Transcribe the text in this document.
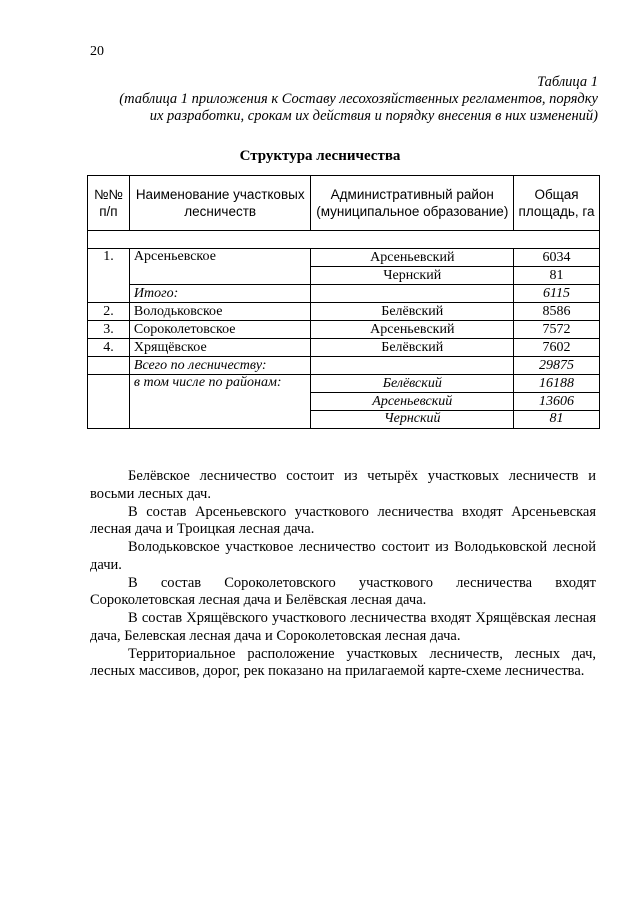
20
Таблица 1
(таблица 1 приложения к Составу лесохозяйственных регламентов, порядку
их разработки, срокам их действия и порядку внесения в них изменений)
Структура лесничества
№№ п/п	Наименование участковых лесничеств	Административный район (муниципальное образование)	Общая площадь, га

1.	Арсеньевское	Арсеньевский	6034
		Чернский	81
	Итого:		6115
2.	Володьковское	Белёвский	8586
3.	Сороколетовское	Арсеньевский	7572
4.	Хрящёвское	Белёвский	7602
	Всего по лесничеству:		29875
	в том числе по районам:	Белёвский	16188
		Арсеньевский	13606
		Чернский	81

Белёвское лесничество состоит из четырёх участковых лесничеств и восьми лесных дач.

В состав Арсеньевского участкового лесничества входят Арсеньевская лесная дача и Троицкая лесная дача.

Володьковское участковое лесничество состоит из Володьковской лесной дачи.

В состав Сороколетовского участкового лесничества входят Сороколетовская лесная дача и Белёвская лесная дача.

В состав Хрящёвского участкового лесничества входят Хрящёвская лесная дача, Белевская лесная дача и Сороколетовская лесная дача.

Территориальное расположение участковых лесничеств, лесных дач, лесных массивов, дорог, рек показано на прилагаемой карте-схеме лесничества.
